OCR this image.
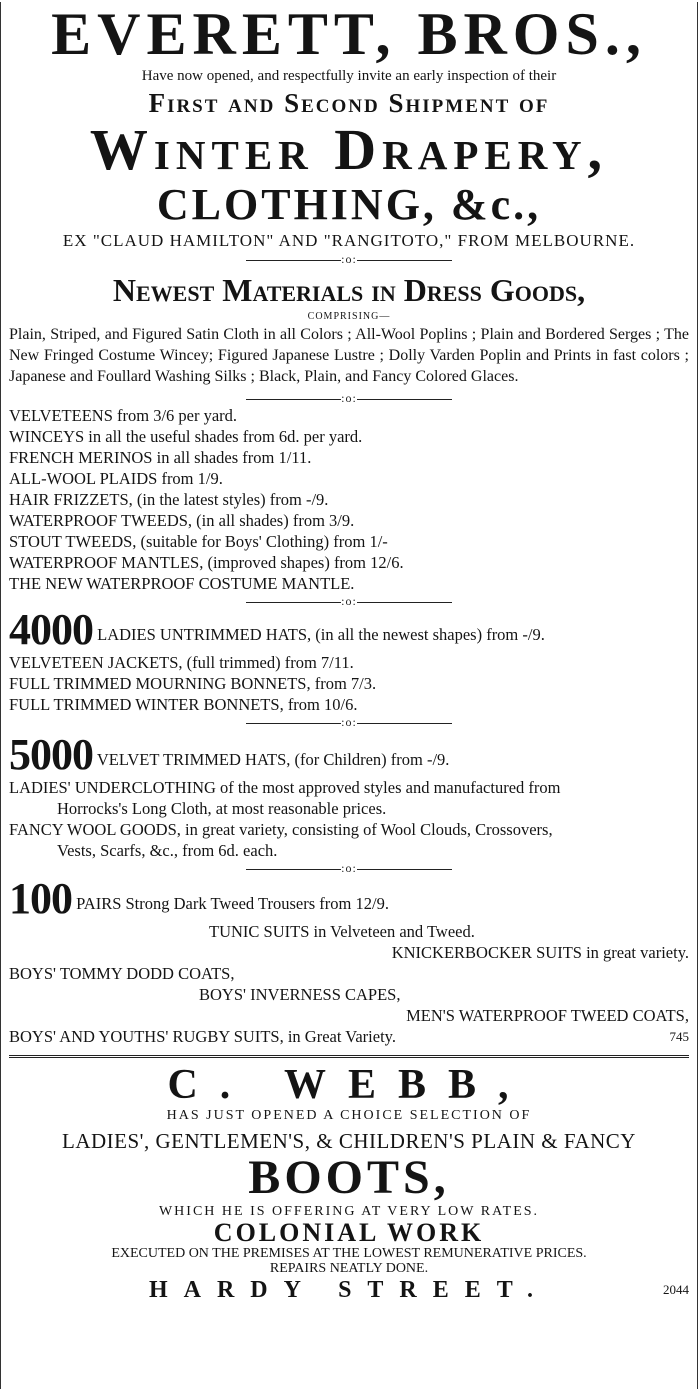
EVERETT, BROS.,
Have now opened, and respectfully invite an early inspection of their
First and Second Shipment of
Winter Drapery,
CLOTHING, &c.,
EX "CLAUD HAMILTON" AND "RANGITOTO," FROM MELBOURNE.
:o:
Newest Materials in Dress Goods,
COMPRISING—
Plain, Striped, and Figured Satin Cloth in all Colors ; All-Wool Poplins ; Plain and Bordered Serges ; The New Fringed Costume Wincey; Figured Japanese Lustre ; Dolly Varden Poplin and Prints in fast colors ; Japanese and Foullard Washing Silks ; Black, Plain, and Fancy Colored Glaces.
:o:
VELVETEENS from 3/6 per yard.
WINCEYS in all the useful shades from 6d. per yard.
FRENCH MERINOS in all shades from 1/11.
ALL-WOOL PLAIDS from 1/9.
HAIR FRIZZETS, (in the latest styles) from -/9.
WATERPROOF TWEEDS, (in all shades) from 3/9.
STOUT TWEEDS, (suitable for Boys' Clothing) from 1/-
WATERPROOF MANTLES, (improved shapes) from 12/6.
THE NEW WATERPROOF COSTUME MANTLE.
:o:
4000 LADIES UNTRIMMED HATS, (in all the newest shapes) from -/9.
VELVETEEN JACKETS, (full trimmed) from 7/11.
FULL TRIMMED MOURNING BONNETS, from 7/3.
FULL TRIMMED WINTER BONNETS, from 10/6.
:o:
5000 VELVET TRIMMED HATS, (for Children) from -/9.
LADIES' UNDERCLOTHING of the most approved styles and manufactured from
Horrocks's Long Cloth, at most reasonable prices.
FANCY WOOL GOODS, in great variety, consisting of Wool Clouds, Crossovers,
Vests, Scarfs, &c., from 6d. each.
:o:
100 PAIRS Strong Dark Tweed Trousers from 12/9.
TUNIC SUITS in Velveteen and Tweed.
KNICKERBOCKER SUITS in great variety.
BOYS' TOMMY DODD COATS,
BOYS' INVERNESS CAPES,
MEN'S WATERPROOF TWEED COATS,
BOYS' AND YOUTHS' RUGBY SUITS, in Great Variety.	745
C. WEBB,
HAS JUST OPENED A CHOICE SELECTION OF
LADIES', GENTLEMEN'S, & CHILDREN'S PLAIN & FANCY
BOOTS,
WHICH HE IS OFFERING AT VERY LOW RATES.
COLONIAL WORK
EXECUTED ON THE PREMISES AT THE LOWEST REMUNERATIVE PRICES.
REPAIRS NEATLY DONE.
HARDY STREET.	2044
